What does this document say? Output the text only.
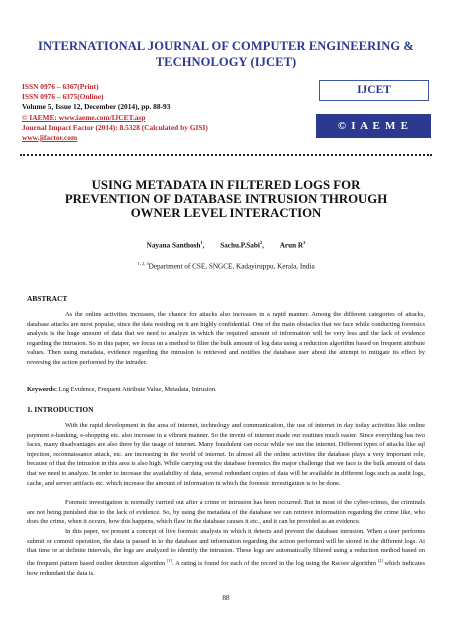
INTERNATIONAL JOURNAL OF COMPUTER ENGINEERING &
TECHNOLOGY (IJCET)
ISSN 0976 – 6367(Print)
ISSN 0976 – 6375(Online)
Volume 5, Issue 12, December (2014), pp. 88-93
© IAEME: www.iaeme.com/IJCET.asp
Journal Impact Factor (2014): 8.5328 (Calculated by GISI)
www.jifactor.com
IJCET
© I A E M E
USING METADATA IN FILTERED LOGS FOR
PREVENTION OF DATABASE INTRUSION THROUGH
OWNER LEVEL INTERACTION
Nayana Santhosh$^1$, Sachu.P.Sabi$^2$, Arun $R^3$
$^{1, 2, 3}$Department of CSE, SNGCE, Kadayiruppu, Kerala, India
ABSTRACT

As the online activities increases, the chance for attacks also increases in a rapid manner. Among the different categories of attacks, database attacks are most popular, since the data residing on it are highly confidential. One of the main obstacles that we face while conducting forensics analysis is the huge amount of data that we need to analyze in which the required amount of information will be very less and the lack of evidence regarding the intrusion. So in this paper, we focus on a method to filter the bulk amount of log data using a reduction algorithm based on frequent attribute values. Then using metadata, evidence regarding the intrusion is retrieved and notifies the database user about the attempt to mitigate its effect by reversing the action performed by the intruder.

Keywords: Log Evidence, Frequent Attribute Value, Metadata, Intrusion.
1. INTRODUCTION

With the rapid development in the area of internet, technology and communication, the use of internet in day today activities like online payment e-banking, e-shopping etc. also increase in a vibrant manner. So the invent of internet made our routines much easier. Since everything has two faces, many disadvantages are also there by the usage of internet. Many fraudulent can occur while we use the internet. Different types of attacks like sql injection, reconnaissance attack, etc. are increasing in the world of internet. In almost all the online activities the database plays a very important role, because of that the intrusion in this area is also high. While carrying out the database forensics the major challenge that we face is the bulk amount of data that we need to analyze. In order to increase the availability of data, several redundant copies of data will be available in different logs such as audit logs, cache, and server artifacts etc. which increase the amount of information in which the forensic investigation is to be done.

Forensic investigation is normally carried out after a crime or intrusion has been occurred. But in most of the cyber-crimes, the criminals are not being punished due to the lack of evidence. So, by using the metadata of the database we can retrieve information regarding the crime like, who does the crime, when it occurs, how this happens, which flaw in the database causes it etc., and it can be provided as an evidence.

In this paper, we present a concept of live forensic analysis in which it detects and prevent the database intrusion. When a user performs submit or commit operation, the data is passed in to the database and information regarding the action performed will be stored in the different logs. At that time or at definite intervals, the logs are analyzed to identify the intrusion. These logs are automatically filtered using a reduction method based on the frequent pattern based outlier detection algorithm [1]. A rating is found for each of the record in the log using the Rscore algorithm [2] which indicates how redundant the data is.

88
